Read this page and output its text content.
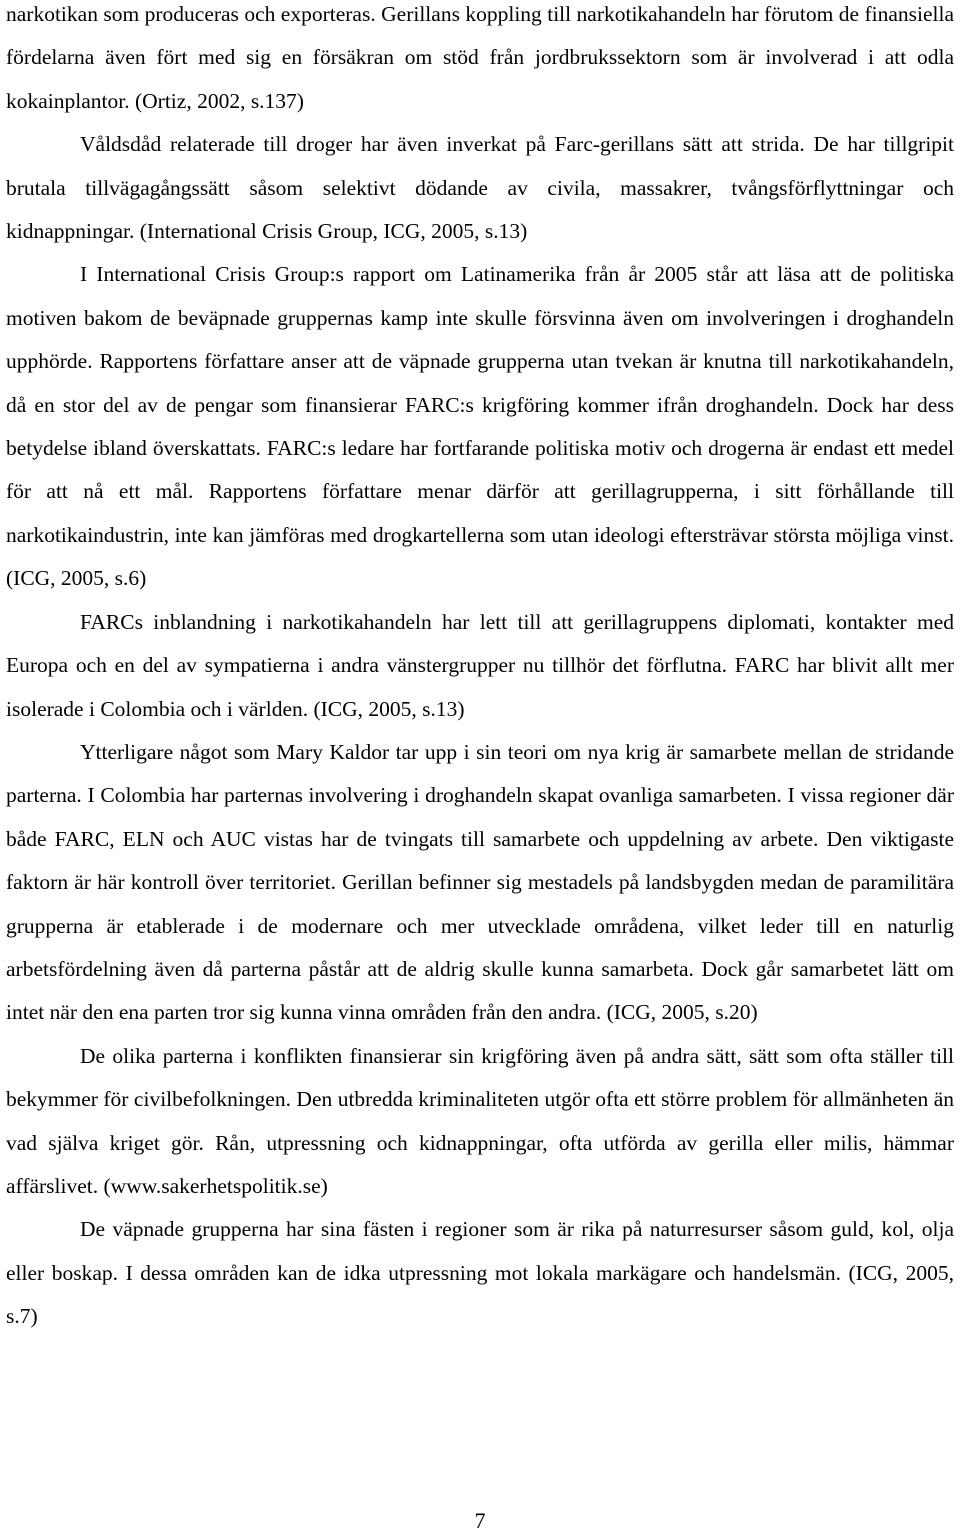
narkotikan som produceras och exporteras. Gerillans koppling till narkotikahandeln har förutom de finansiella fördelarna även fört med sig en försäkran om stöd från jordbrukssektorn som är involverad i att odla kokainplantor. (Ortiz, 2002, s.137)

Våldsdåd relaterade till droger har även inverkat på Farc-gerillans sätt att strida. De har tillgripit brutala tillvägagångssätt såsom selektivt dödande av civila, massakrer, tvångsförflyttningar och kidnappningar. (International Crisis Group, ICG, 2005, s.13)

I International Crisis Group:s rapport om Latinamerika från år 2005 står att läsa att de politiska motiven bakom de beväpnade gruppernas kamp inte skulle försvinna även om involveringen i droghandeln upphörde. Rapportens författare anser att de väpnade grupperna utan tvekan är knutna till narkotikahandeln, då en stor del av de pengar som finansierar FARC:s krigföring kommer ifrån droghandeln. Dock har dess betydelse ibland överskattats. FARC:s ledare har fortfarande politiska motiv och drogerna är endast ett medel för att nå ett mål. Rapportens författare menar därför att gerillagrupperna, i sitt förhållande till narkotikaindustrin, inte kan jämföras med drogkartellerna som utan ideologi eftersträvar största möjliga vinst. (ICG, 2005, s.6)

FARCs inblandning i narkotikahandeln har lett till att gerillagruppens diplomati, kontakter med Europa och en del av sympatierna i andra vänstergrupper nu tillhör det förflutna. FARC har blivit allt mer isolerade i Colombia och i världen. (ICG, 2005, s.13)

Ytterligare något som Mary Kaldor tar upp i sin teori om nya krig är samarbete mellan de stridande parterna. I Colombia har parternas involvering i droghandeln skapat ovanliga samarbeten. I vissa regioner där både FARC, ELN och AUC vistas har de tvingats till samarbete och uppdelning av arbete. Den viktigaste faktorn är här kontroll över territoriet. Gerillan befinner sig mestadels på landsbygden medan de paramilitära grupperna är etablerade i de modernare och mer utvecklade områdena, vilket leder till en naturlig arbetsfördelning även då parterna påstår att de aldrig skulle kunna samarbeta. Dock går samarbetet lätt om intet när den ena parten tror sig kunna vinna områden från den andra. (ICG, 2005, s.20)

De olika parterna i konflikten finansierar sin krigföring även på andra sätt, sätt som ofta ställer till bekymmer för civilbefolkningen. Den utbredda kriminaliteten utgör ofta ett större problem för allmänheten än vad själva kriget gör. Rån, utpressning och kidnappningar, ofta utförda av gerilla eller milis, hämmar affärslivet. (www.sakerhetspolitik.se)

De väpnade grupperna har sina fästen i regioner som är rika på naturresurser såsom guld, kol, olja eller boskap. I dessa områden kan de idka utpressning mot lokala markägare och handelsmän. (ICG, 2005, s.7)

7
